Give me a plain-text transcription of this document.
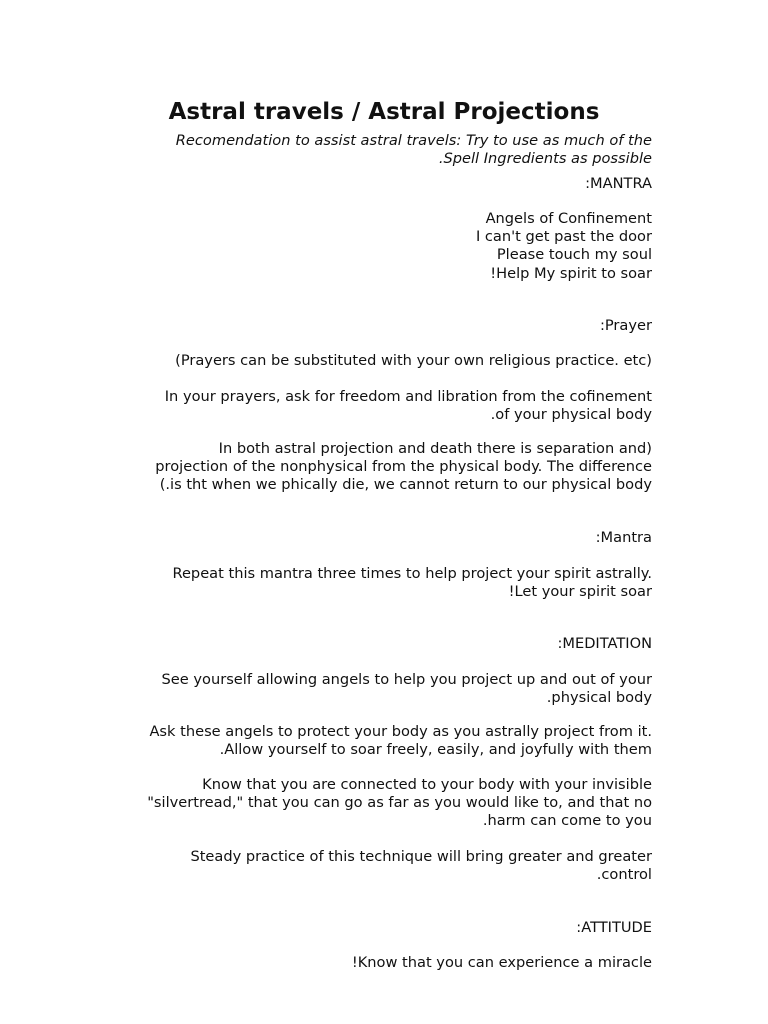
Astral travels / Astral Projections
Recomendation to assist astral travels: Try to use as much of the
.Spell Ingredients as possible
:MANTRA
Angels of Confinement
I can't get past the door
Please touch my soul
!Help My spirit to soar
:Prayer
(Prayers can be substituted with your own religious practice. etc)
In your prayers, ask for freedom and libration from the cofinement
.of your physical body
In both astral projection and death there is separation and)
projection of the nonphysical from the physical body. The difference
(.is tht when we phically die, we cannot return to our physical body
:Mantra
Repeat this mantra three times to help project your spirit astrally.
!Let your spirit soar
:MEDITATION
See yourself allowing angels to help you project up and out of your
.physical body
Ask these angels to protect your body as you astrally project from it.
.Allow yourself to soar freely, easily, and joyfully with them
Know that you are connected to your body with your invisible
"silvertread," that you can go as far as you would like to, and that no
.harm can come to you
Steady practice of this technique will bring greater and greater
.control
:ATTITUDE
!Know that you can experience a miracle
